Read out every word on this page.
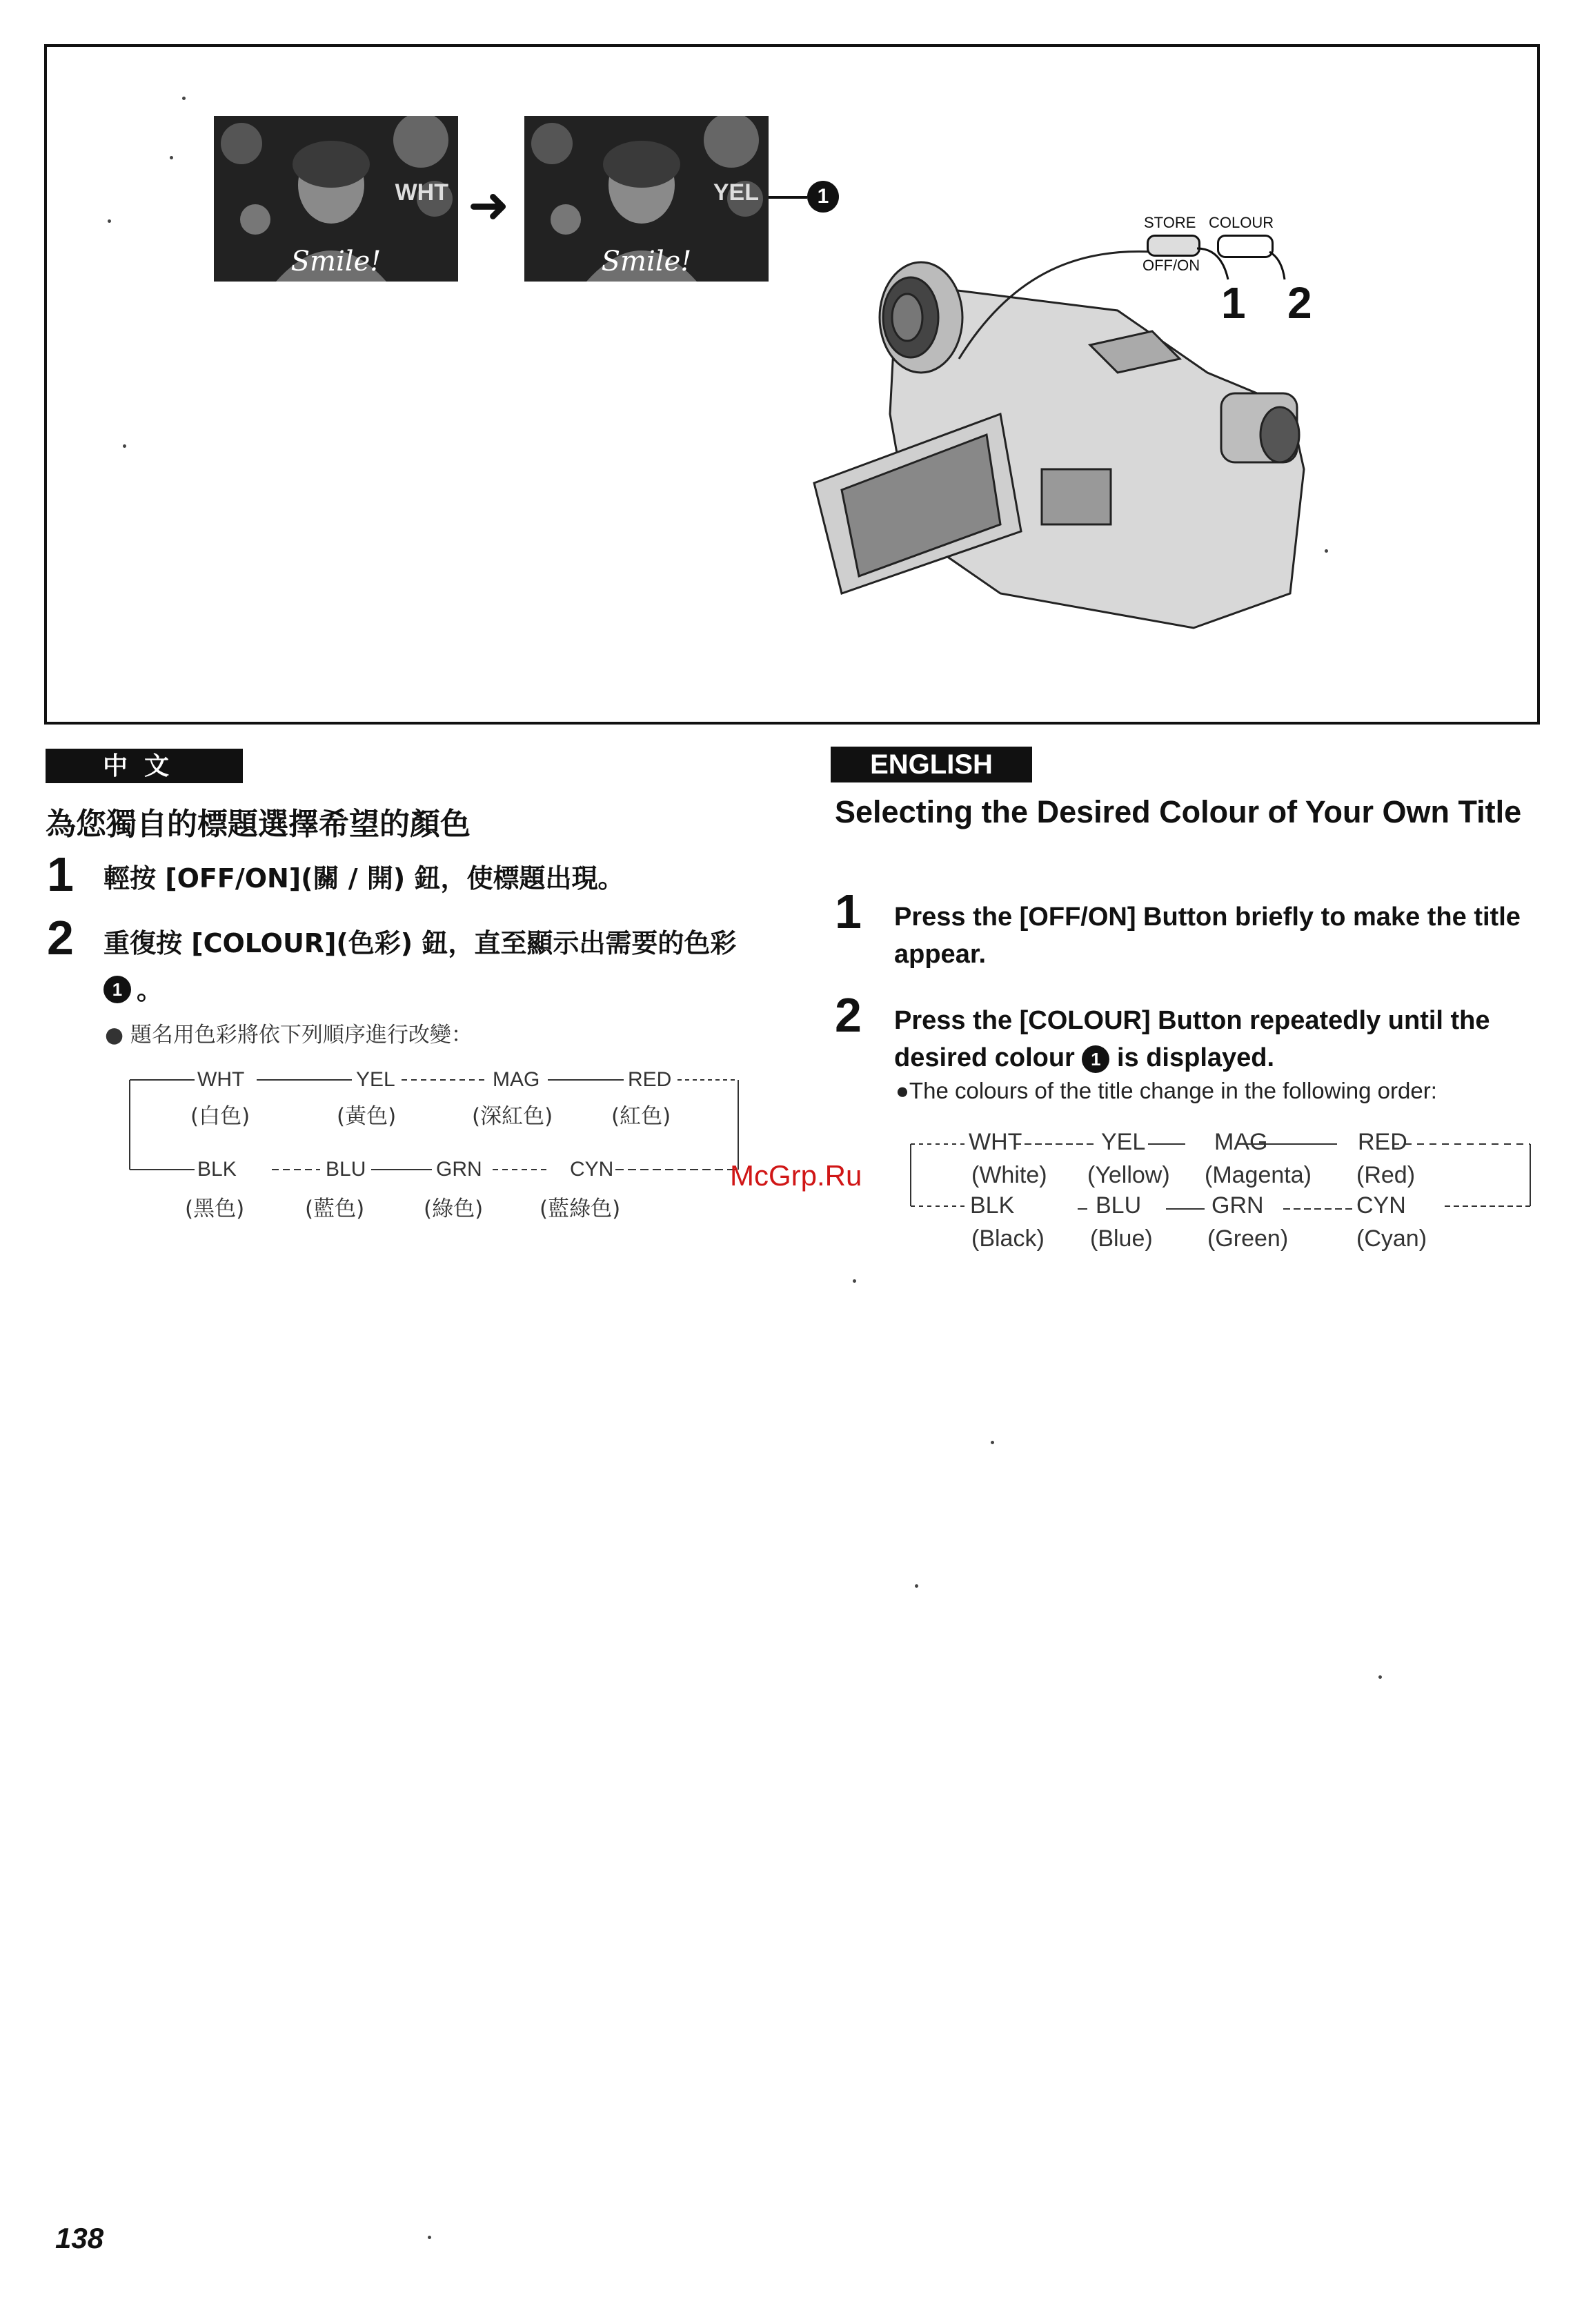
WHT
Smile!
➜	YEL
Smile!
1
STORE
OFF/ON
COLOUR
1 2
中文
為您獨自的標題選擇希望的顏色
1 輕按 [OFF/ON](關 / 開) 鈕，使標題出現。
2 重復按 [COLOUR](色彩) 鈕，直至顯示出需要的色彩
1 。
● 題名用色彩將依下列順序進行改變：
WHT	YEL	MAG	RED
(白色)	(黃色)	(深紅色)	(紅色)
BLK	BLU	GRN	CYN
(黑色)	(藍色)	(綠色)	(藍綠色)
ENGLISH
Selecting the Desired Colour of Your Own Title
1 Press the [OFF/ON] Button briefly to make the title appear.
2 Press the [COLOUR] Button repeatedly until the desired colour 1 is displayed.
●The colours of the title change in the following order:
WHT	YEL	MAG	RED
(White) (Yellow) (Magenta) (Red)
BLK	BLU	GRN	CYN
(Black) (Blue) (Green)	(Cyan)
McGrp.Ru
138
